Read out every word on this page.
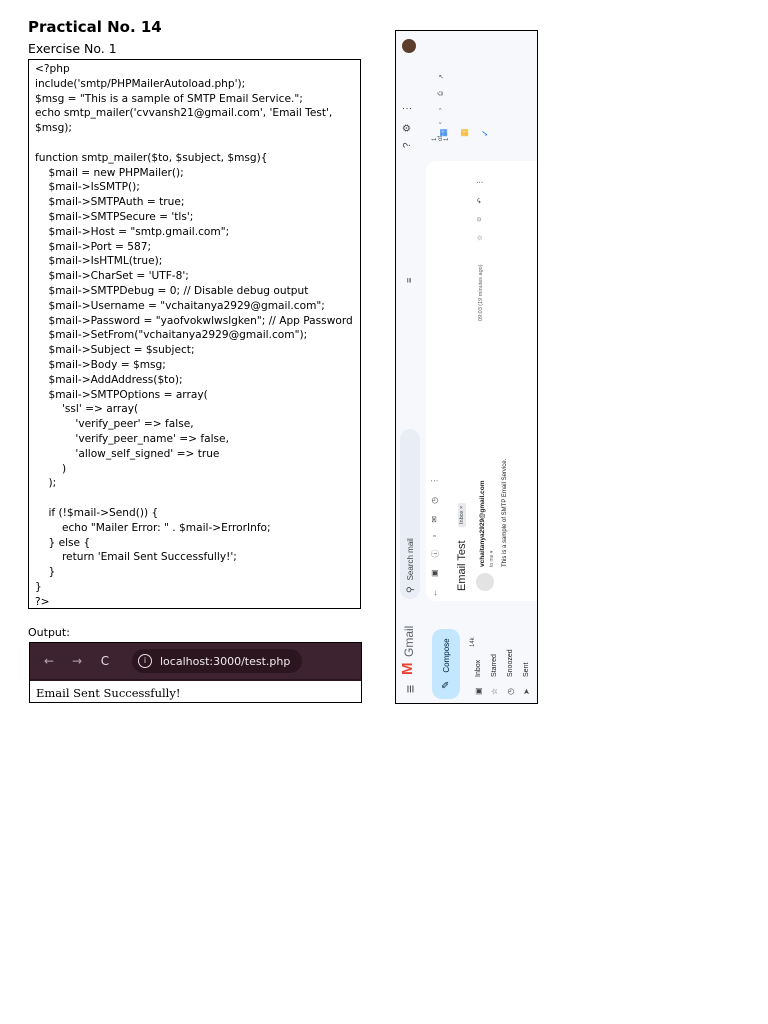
Practical No. 14
Exercise No. 1
<?php
include('smtp/PHPMailerAutoload.php');
$msg = "This is a sample of SMTP Email Service.";
echo smtp_mailer('cvvansh21@gmail.com', 'Email Test',
$msg);
function smtp_mailer($to, $subject, $msg){
$mail = new PHPMailer();
$mail->IsSMTP();
$mail->SMTPAuth = true;
$mail->SMTPSecure = 'tls';
$mail->Host = "smtp.gmail.com";
$mail->Port = 587;
$mail->IsHTML(true);
$mail->CharSet = 'UTF-8';
$mail->SMTPDebug = 0; // Disable debug output
$mail->Username = "vchaitanya2929@gmail.com";
$mail->Password = "yaofvokwlwslgken"; // App Password
$mail->SetFrom("vchaitanya2929@gmail.com");
$mail->Subject = $subject;
$mail->Body = $msg;
$mail->AddAddress($to);
$mail->SMTPOptions = array(
'ssl' => array(
'verify_peer' => false,
'verify_peer_name' => false,
'allow_self_signed' => true
)
);
if (!$mail->Send()) {
echo "Mailer Error: " . $mail->ErrorInfo;
} else {
return 'Email Sent Successfully!';
}
}
?>
Output:
←	→	C	i	localhost:3000/test.php
Email Sent Successfully!	≡
M
Gmail
⚲
Search mail
≡
?
⚙
⋮
✎
Compose	14k
▣
Inbox
☆
Starred
◷
Snoozed
➤
Sent
←
▣
ⓘ
▫
✉
◷
⋮
Email Test
Inbox × vchaitanya2929@gmail.com to me ▾ This is a sample of SMTP Email Service.
09:03 (19 minutes ago)
☆
☺
↶
⋮
1 of 1
‹
›
⎙
↗
▦ ▦ ✓
